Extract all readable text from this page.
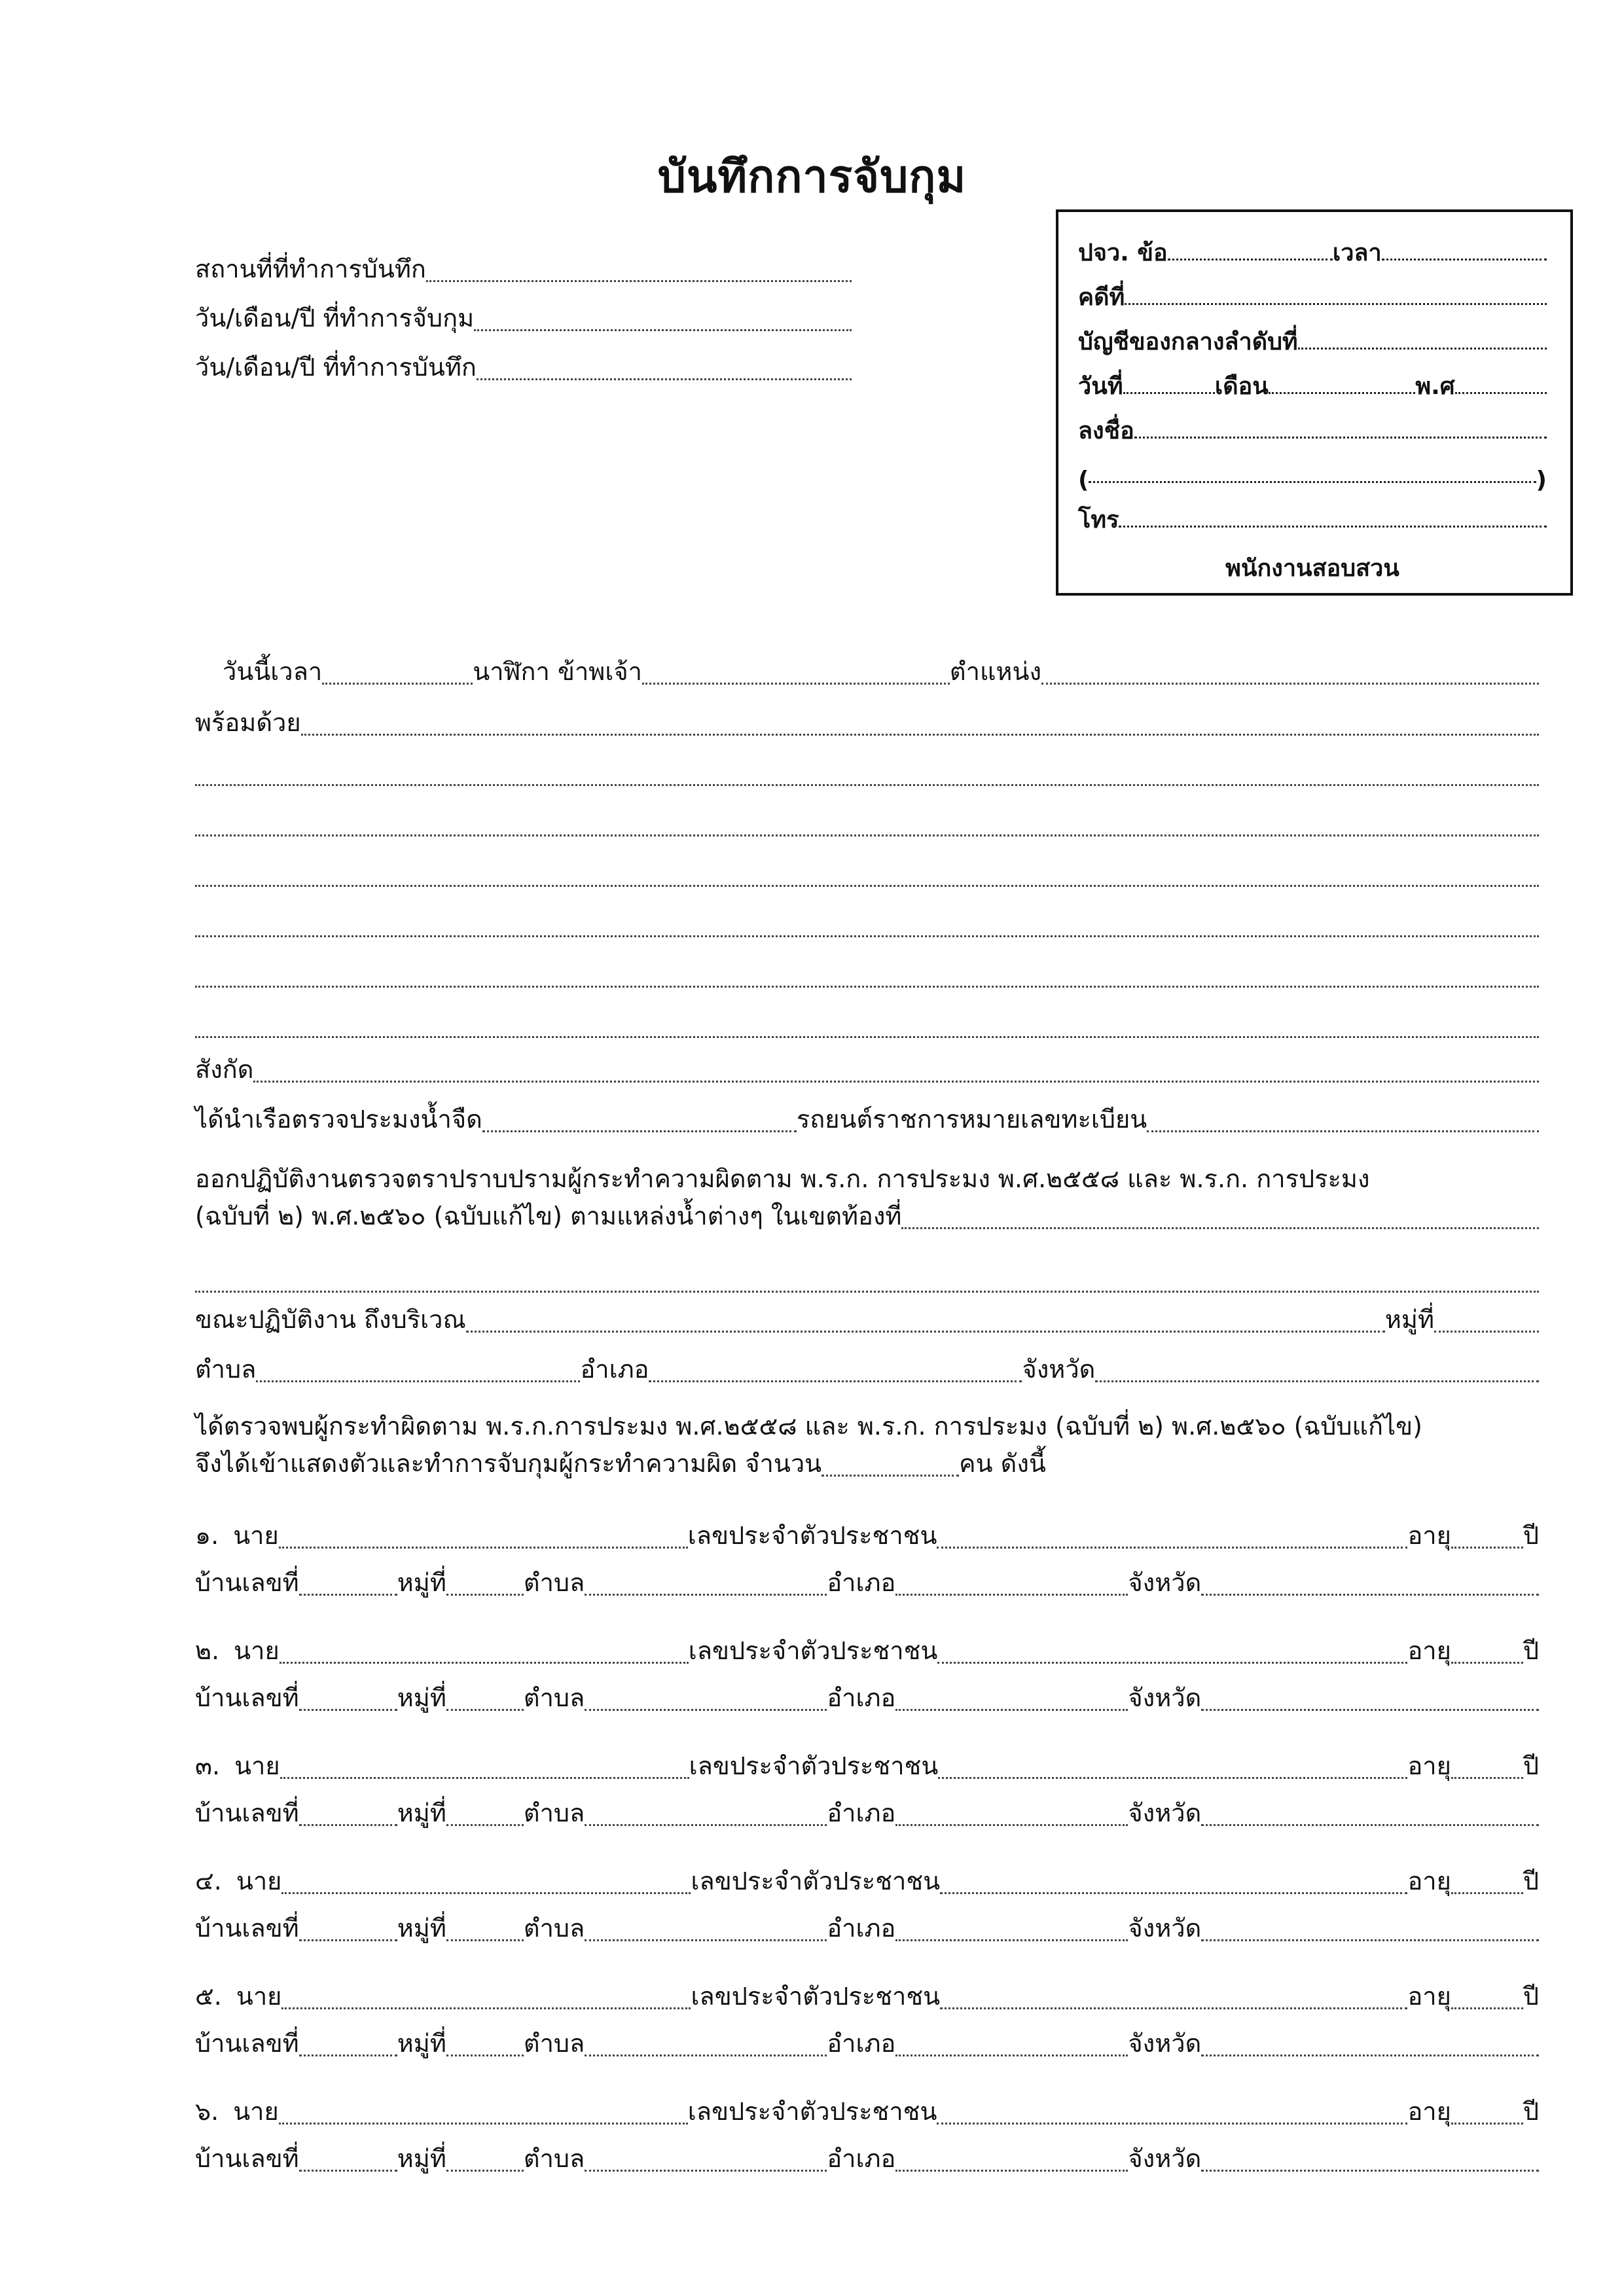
บันทึกการจับกุม
สถานที่ที่ทำการบันทึก
วัน/เดือน/ปี ที่ทำการจับกุม
วัน/เดือน/ปี ที่ทำการบันทึก
ปจว. ข้อ	เวลา
คดีที่
บัญชีของกลางลำดับที่
วันที่	เดือน	พ.ศ
ลงชื่อ
(	)
โทร
พนักงานสอบสวน
วันนี้เวลา	นาฬิกา ข้าพเจ้า	ตำแหน่ง
พร้อมด้วย
สังกัด
ได้นำเรือตรวจประมงน้ำจืด	รถยนต์ราชการหมายเลขทะเบียน
ออกปฏิบัติงานตรวจตราปราบปรามผู้กระทำความผิดตาม พ.ร.ก. การประมง พ.ศ.๒๕๕๘ และ พ.ร.ก. การประมง
(ฉบับที่ ๒) พ.ศ.๒๕๖๐ (ฉบับแก้ไข) ตามแหล่งน้ำต่างๆ ในเขตท้องที่
ขณะปฏิบัติงาน ถึงบริเวณ	หมู่ที่
ตำบล	อำเภอ	จังหวัด
ได้ตรวจพบผู้กระทำผิดตาม พ.ร.ก.การประมง พ.ศ.๒๕๕๘ และ พ.ร.ก. การประมง (ฉบับที่ ๒) พ.ศ.๒๕๖๐ (ฉบับแก้ไข)
จึงได้เข้าแสดงตัวและทำการจับกุมผู้กระทำความผิด จำนวน	คน ดังนี้
๑. นาย	เลขประจำตัวประชาชน	อายุ	ปี
บ้านเลขที่	หมู่ที่	ตำบล	อำเภอ	จังหวัด
๒. นาย	เลขประจำตัวประชาชน	อายุ	ปี
บ้านเลขที่	หมู่ที่	ตำบล	อำเภอ	จังหวัด
๓. นาย	เลขประจำตัวประชาชน	อายุ	ปี
บ้านเลขที่	หมู่ที่	ตำบล	อำเภอ	จังหวัด
๔. นาย	เลขประจำตัวประชาชน	อายุ	ปี
บ้านเลขที่	หมู่ที่	ตำบล	อำเภอ	จังหวัด
๕. นาย	เลขประจำตัวประชาชน	อายุ	ปี
บ้านเลขที่	หมู่ที่	ตำบล	อำเภอ	จังหวัด
๖. นาย	เลขประจำตัวประชาชน	อายุ	ปี
บ้านเลขที่	หมู่ที่	ตำบล	อำเภอ	จังหวัด
